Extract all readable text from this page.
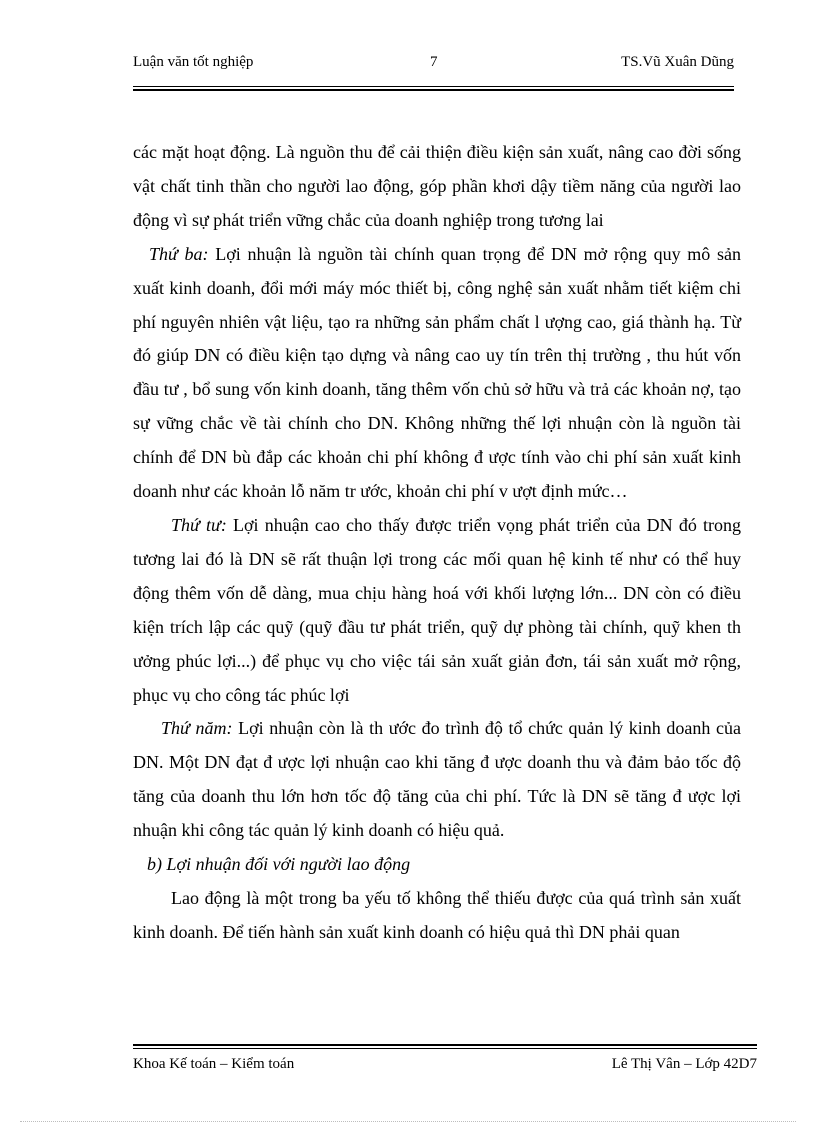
Luận văn tốt nghiệp	7	TS.Vũ Xuân Dũng

các mặt hoạt động. Là nguồn thu để cải thiện điều kiện sản xuất, nâng cao đời sống vật chất tinh thần cho người lao động, góp phần khơi dậy tiềm năng của người lao động vì sự phát triển vững chắc của doanh nghiệp trong tương lai

Thứ ba: Lợi nhuận là nguồn tài chính quan trọng để DN mở rộng quy mô sản xuất kinh doanh, đổi mới máy móc thiết bị, công nghệ sản xuất nhằm tiết kiệm chi phí nguyên nhiên vật liệu, tạo ra những sản phẩm chất l ượng cao, giá thành hạ. Từ đó giúp DN có điều kiện tạo dựng và nâng cao uy tín trên thị trường , thu hút vốn đầu tư , bổ sung vốn kinh doanh, tăng thêm vốn chủ sở hữu và trả các khoản nợ, tạo sự vững chắc về tài chính cho DN. Không những thế lợi nhuận còn là nguồn tài chính để DN bù đắp các khoản chi phí không đ ược tính vào chi phí sản xuất kinh doanh như các khoản lỗ năm tr ước, khoản chi phí v ượt định mức…

Thứ tư: Lợi nhuận cao cho thấy được triển vọng phát triển của DN đó trong tương lai đó là DN sẽ rất thuận lợi trong các mối quan hệ kinh tế như có thể huy động thêm vốn dễ dàng, mua chịu hàng hoá với khối lượng lớn... DN còn có điều kiện trích lập các quỹ (quỹ đầu tư phát triển, quỹ dự phòng tài chính, quỹ khen th ưởng phúc lợi...) để phục vụ cho việc tái sản xuất giản đơn, tái sản xuất mở rộng, phục vụ cho công tác phúc lợi

Thứ năm: Lợi nhuận còn là th ước đo trình độ tổ chức quản lý kinh doanh của DN. Một DN đạt đ ược lợi nhuận cao khi tăng đ ược doanh thu và đảm bảo tốc độ tăng của doanh thu lớn hơn tốc độ tăng của chi phí. Tức là DN sẽ tăng đ ược lợi nhuận khi công tác quản lý kinh doanh có hiệu quả.

b) Lợi nhuận đối với người lao động

Lao động là một trong ba yếu tố không thể thiếu được của quá trình sản xuất kinh doanh. Để tiến hành sản xuất kinh doanh có hiệu quả thì DN phải quan

Khoa Kế toán – Kiểm toán	Lê Thị Vân – Lớp 42D7
